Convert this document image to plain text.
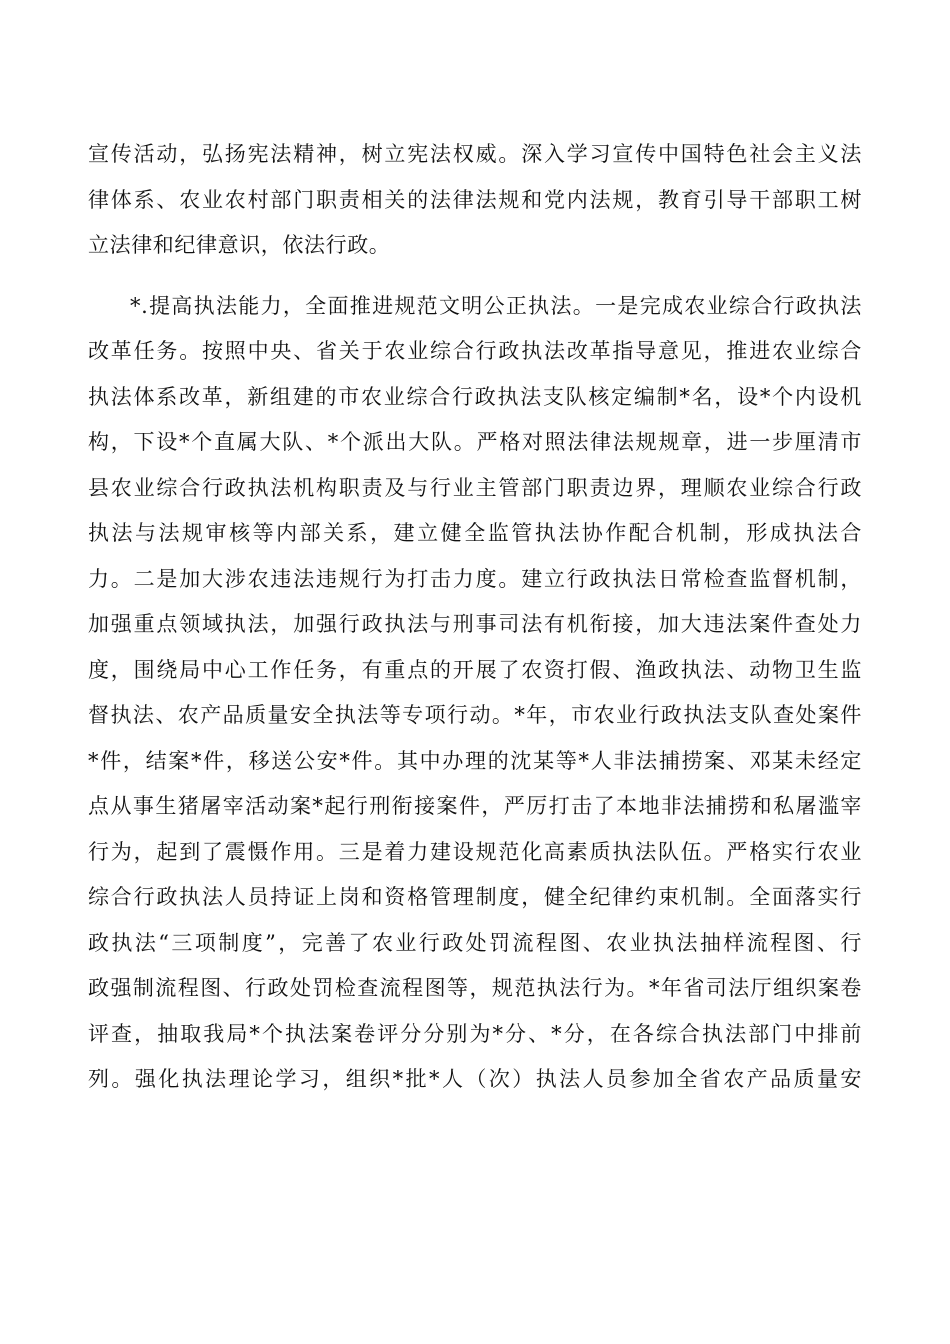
宣传活动，弘扬宪法精神，树立宪法权威。深入学习宣传中国特色社会主义法
律体系、农业农村部门职责相关的法律法规和党内法规，教育引导干部职工树
立法律和纪律意识，依法行政。
*.提高执法能力，全面推进规范文明公正执法。一是完成农业综合行政执法
改革任务。按照中央、省关于农业综合行政执法改革指导意见，推进农业综合
执法体系改革，新组建的市农业综合行政执法支队核定编制*名，设*个内设机
构，下设*个直属大队、*个派出大队。严格对照法律法规规章，进一步厘清市
县农业综合行政执法机构职责及与行业主管部门职责边界，理顺农业综合行政
执法与法规审核等内部关系，建立健全监管执法协作配合机制，形成执法合
力。二是加大涉农违法违规行为打击力度。建立行政执法日常检查监督机制，
加强重点领域执法，加强行政执法与刑事司法有机衔接，加大违法案件查处力
度，围绕局中心工作任务，有重点的开展了农资打假、渔政执法、动物卫生监
督执法、农产品质量安全执法等专项行动。*年，市农业行政执法支队查处案件
*件，结案*件，移送公安*件。其中办理的沈某等*人非法捕捞案、邓某未经定
点从事生猪屠宰活动案*起行刑衔接案件，严厉打击了本地非法捕捞和私屠滥宰
行为，起到了震慑作用。三是着力建设规范化高素质执法队伍。严格实行农业
综合行政执法人员持证上岗和资格管理制度，健全纪律约束机制。全面落实行
政执法“三项制度”，完善了农业行政处罚流程图、农业执法抽样流程图、行
政强制流程图、行政处罚检查流程图等，规范执法行为。*年省司法厅组织案卷
评查，抽取我局*个执法案卷评分分别为*分、*分，在各综合执法部门中排前
列。强化执法理论学习，组织*批*人（次）执法人员参加全省农产品质量安
